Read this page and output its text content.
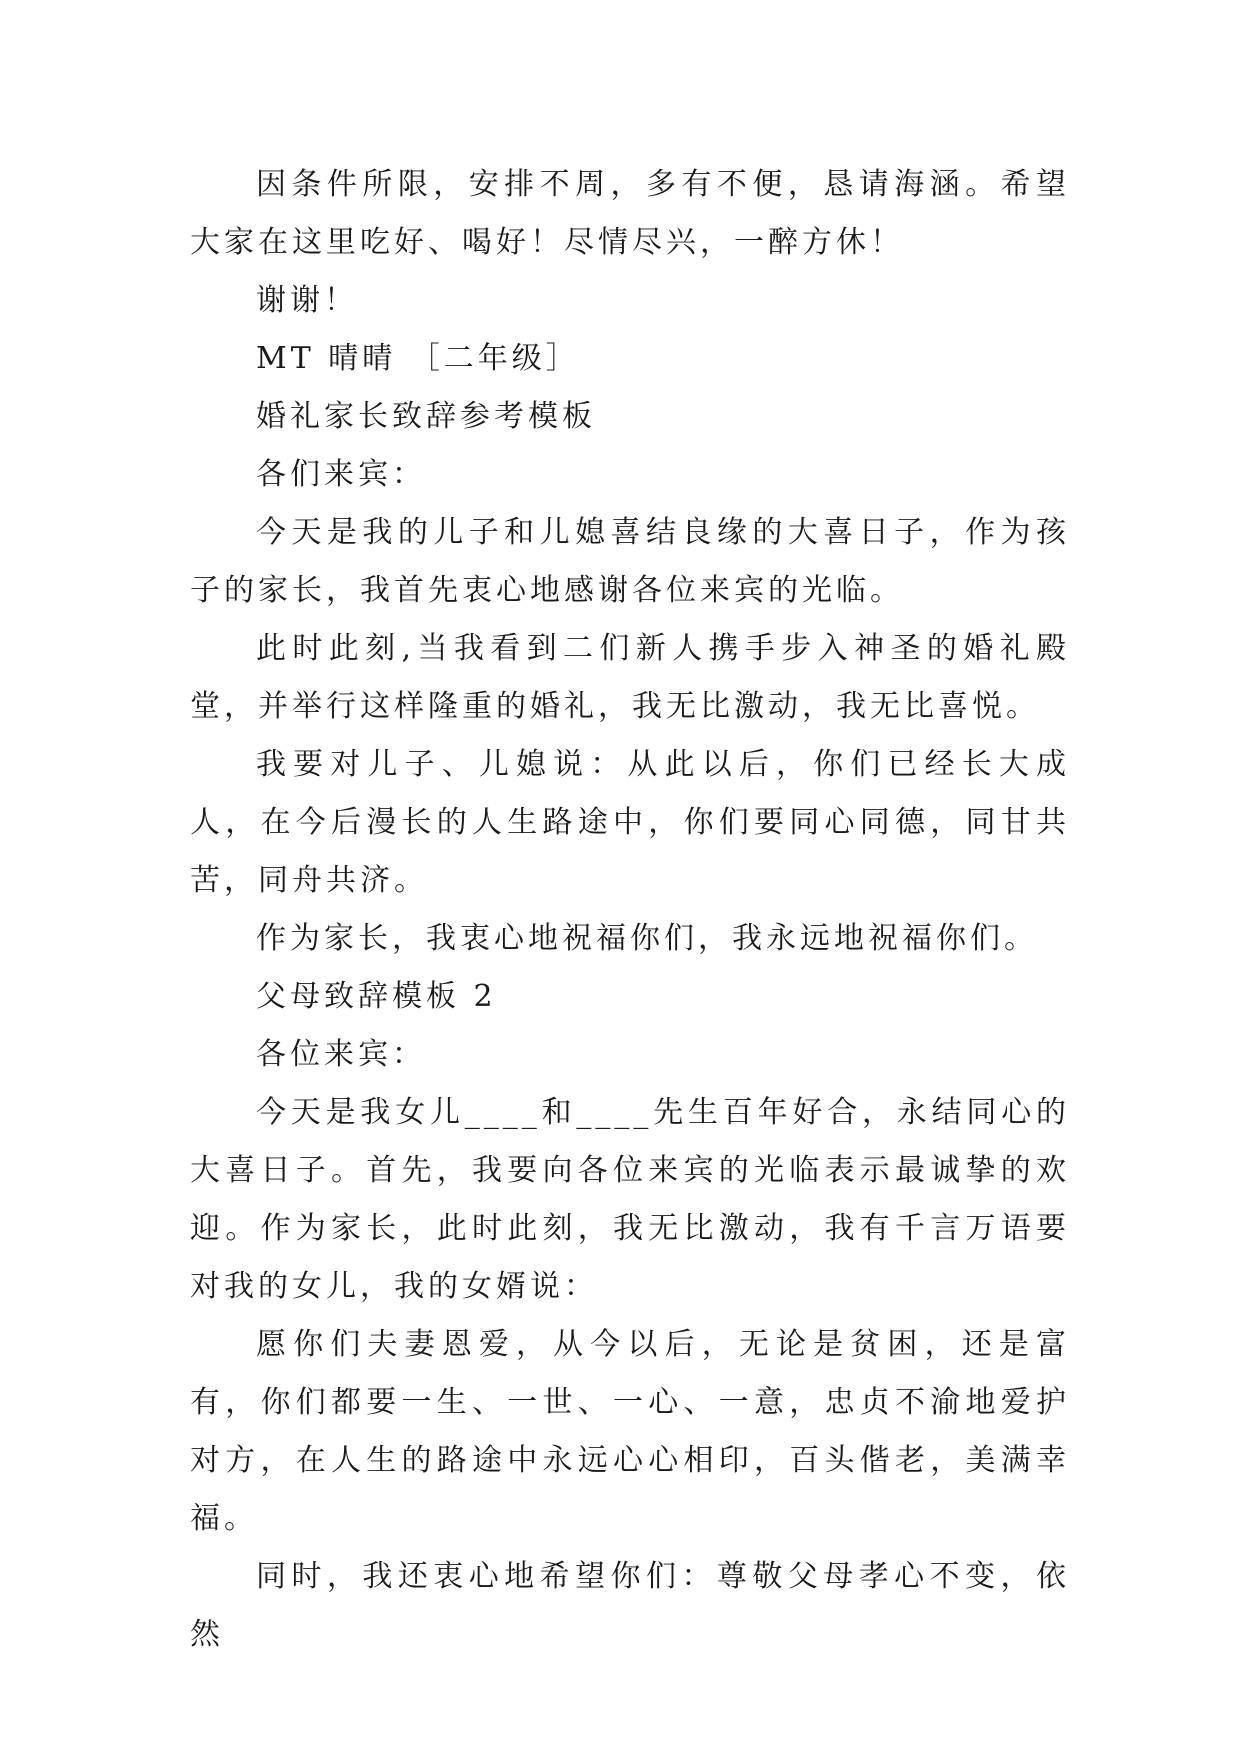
因条件所限，安排不周，多有不便，恳请海涵。希望大家在这里吃好、喝好！尽情尽兴，一醉方休！

谢谢！

MT 晴晴 ［二年级］

婚礼家长致辞参考模板

各们来宾：

今天是我的儿子和儿媳喜结良缘的大喜日子，作为孩子的家长，我首先衷心地感谢各位来宾的光临。

此时此刻,当我看到二们新人携手步入神圣的婚礼殿堂，并举行这样隆重的婚礼，我无比激动，我无比喜悦。

我要对儿子、儿媳说：从此以后，你们已经长大成人，在今后漫长的人生路途中，你们要同心同德，同甘共苦，同舟共济。

作为家长，我衷心地祝福你们，我永远地祝福你们。

父母致辞模板 2

各位来宾：

今天是我女儿____和____先生百年好合，永结同心的大喜日子。首先，我要向各位来宾的光临表示最诚挚的欢迎。作为家长，此时此刻，我无比激动，我有千言万语要对我的女儿，我的女婿说：

愿你们夫妻恩爱，从今以后，无论是贫困，还是富有，你们都要一生、一世、一心、一意，忠贞不渝地爱护对方，在人生的路途中永远心心相印，百头偕老，美满幸福。

同时，我还衷心地希望你们：尊敬父母孝心不变，依然
